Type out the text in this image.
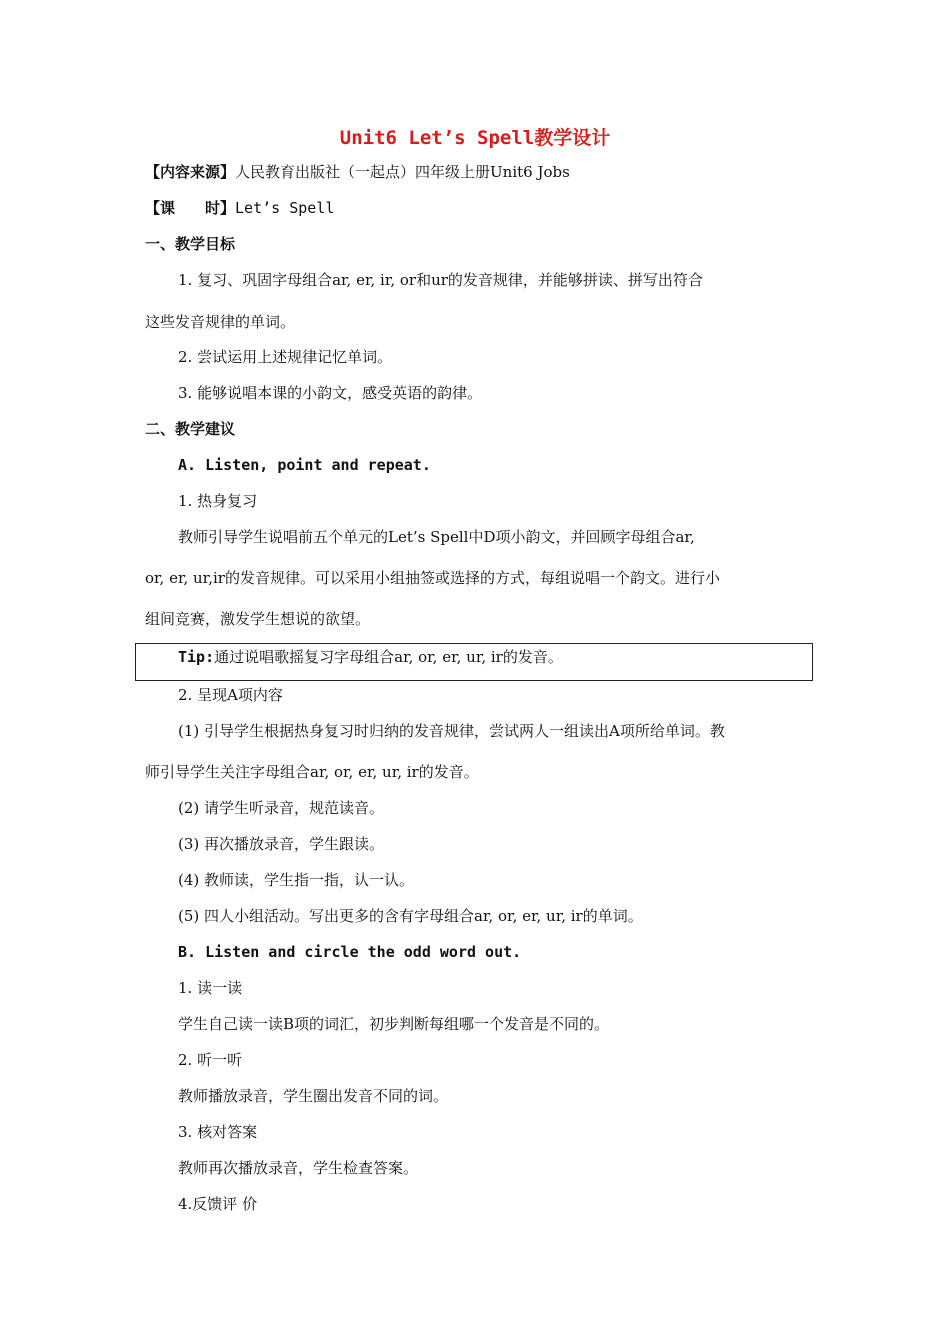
Unit6 Let’s Spell教学设计
【内容来源】人民教育出版社（一起点）四年级上册Unit6 Jobs
【课　　时】Let’s Spell
一、教学目标
1. 复习、巩固字母组合ar, er, ir, or和ur的发音规律，并能够拼读、拼写出符合
这些发音规律的单词。
2. 尝试运用上述规律记忆单词。
3. 能够说唱本课的小韵文，感受英语的韵律。
二、教学建议
A. Listen, point and repeat.
1. 热身复习
教师引导学生说唱前五个单元的Let’s Spell中D项小韵文，并回顾字母组合ar,
or, er, ur,ir的发音规律。可以采用小组抽签或选择的方式，每组说唱一个韵文。进行小
组间竞赛，激发学生想说的欲望。
Tip:通过说唱歌摇复习字母组合ar, or, er, ur, ir的发音。
2. 呈现A项内容
(1) 引导学生根据热身复习时归纳的发音规律，尝试两人一组读出A项所给单词。教
师引导学生关注字母组合ar, or, er, ur, ir的发音。
(2) 请学生听录音，规范读音。
(3) 再次播放录音，学生跟读。
(4) 教师读，学生指一指，认一认。
(5) 四人小组活动。写出更多的含有字母组合ar, or, er, ur, ir的单词。
B. Listen and circle the odd word out.
1. 读一读
学生自己读一读B项的词汇，初步判断每组哪一个发音是不同的。
2. 听一听
教师播放录音，学生圈出发音不同的词。
3. 核对答案
教师再次播放录音，学生检查答案。
4.反馈评 价
